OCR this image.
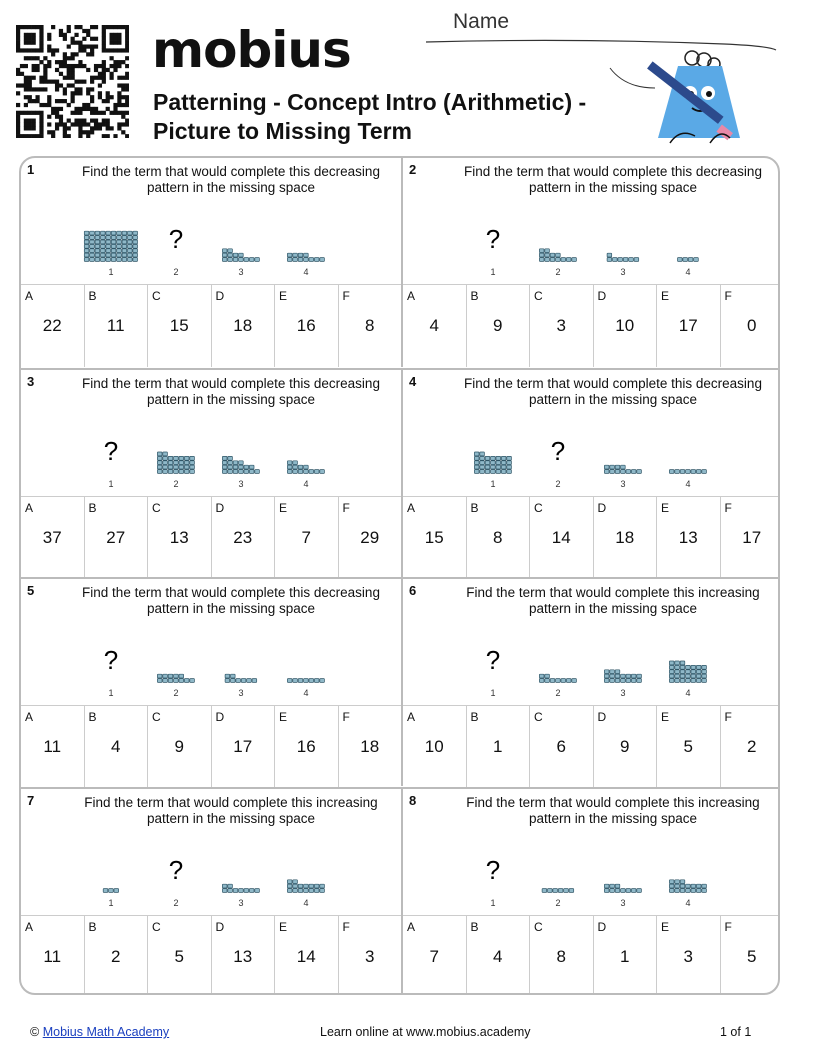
mobius
Patterning - Concept Intro (Arithmetic) -
Picture to Missing Term
Name
1	Find the term that would complete this decreasing pattern in the missing space
1
?
2	3	4
A
22
B
11
C
15
D
18
E
16
F
8
2	Find the term that would complete this decreasing pattern in the missing space
?
1	2	3	4
A
4
B
9
C
3
D
10
E
17
F
0
3	Find the term that would complete this decreasing pattern in the missing space
?
1	2	3	4
A
37
B
27
C
13
D
23
E
7
F
29
4	Find the term that would complete this decreasing pattern in the missing space
1
?
2	3	4
A
15
B
8
C
14
D
18
E
13
F
17
5	Find the term that would complete this decreasing pattern in the missing space
?
1	2	3	4
A
11
B
4
C
9
D
17
E
16
F
18
6	Find the term that would complete this increasing pattern in the missing space
?
1	2	3	4
A
10
B
1
C
6
D
9
E
5
F
2
7	Find the term that would complete this increasing pattern in the missing space
1
?
2	3	4
A
11
B
2
C
5
D
13
E
14
F
3
8	Find the term that would complete this increasing pattern in the missing space
?
1	2	3	4
A
7
B
4
C
8
D
1
E
3
F
5
© Mobius Math Academy	Learn online at www.mobius.academy	1 of 1
